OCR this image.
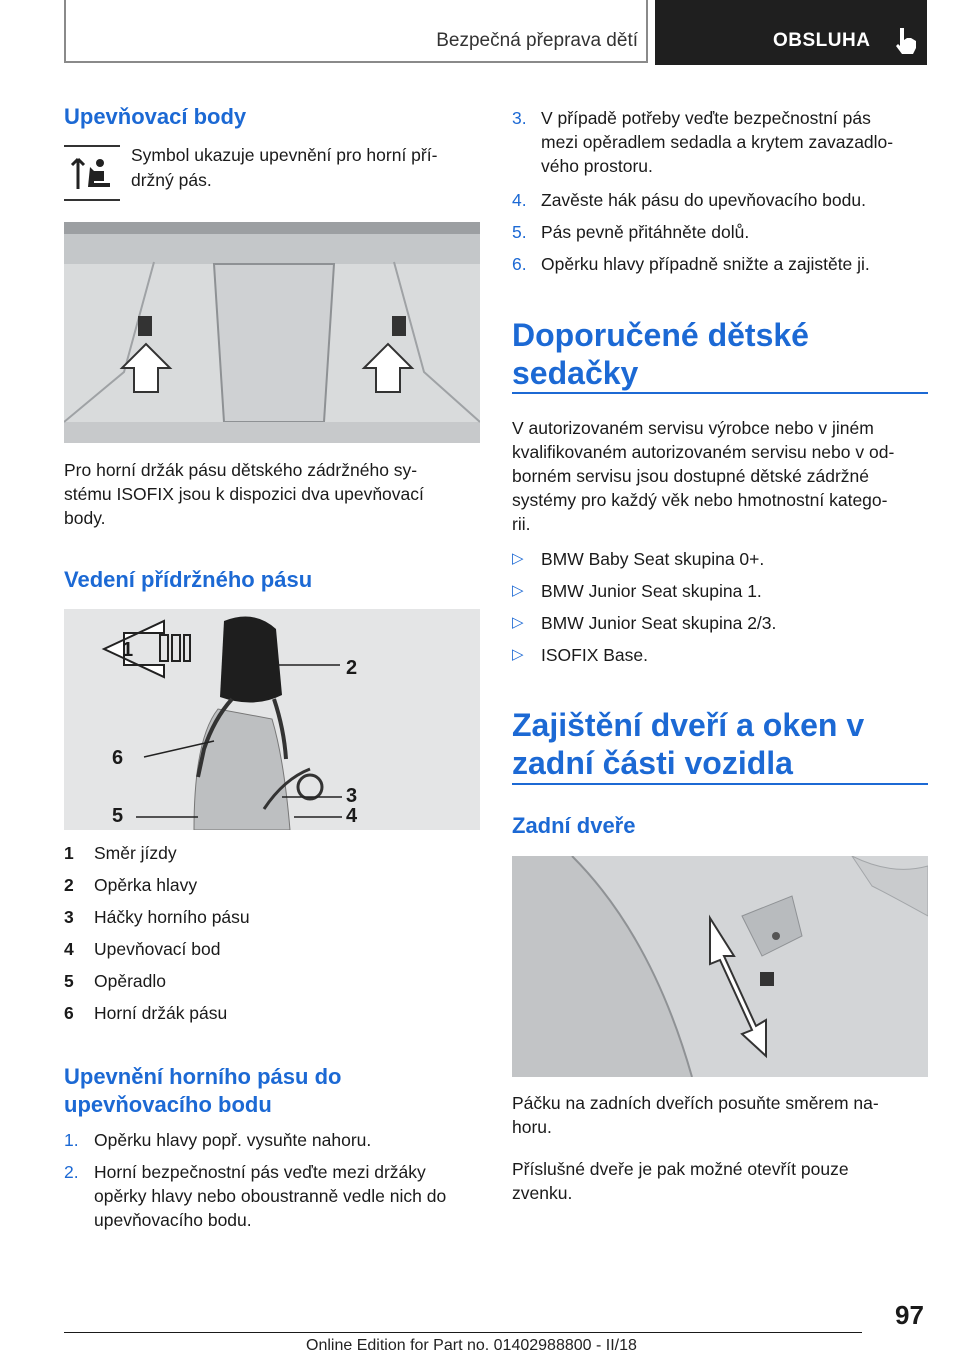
Bezpečná přeprava dětí	OBSLUHA
Upevňovací body
Symbol ukazuje upevnění pro horní pří‐
držný pás.
Pro horní držák pásu dětského zádržného sy‐
stému ISOFIX jsou k dispozici dva upevňovací
body.
Vedení přídržného pásu
1
2
6
3
5	4
1 Směr jízdy
2 Opěrka hlavy
3 Háčky horního pásu
4 Upevňovací bod
5 Opěradlo
6 Horní držák pásu
Upevnění horního pásu do
upevňovacího bodu
1. Opěrku hlavy popř. vysuňte nahoru.
2. Horní bezpečnostní pás veďte mezi držáky
opěrky hlavy nebo oboustranně vedle nich do
upevňovacího bodu.
3. V případě potřeby veďte bezpečnostní pás
mezi opěradlem sedadla a krytem zavazadlo‐
vého prostoru.
4. Zavěste hák pásu do upevňovacího bodu.
5. Pás pevně přitáhněte dolů.
6. Opěrku hlavy případně snižte a zajistěte ji.
Doporučené dětské
sedačky
V autorizovaném servisu výrobce nebo v jiném
kvalifikovaném autorizovaném servisu nebo v od‐
borném servisu jsou dostupné dětské zádržné
systémy pro každý věk nebo hmotnostní katego‐
rii.
▷ BMW Baby Seat skupina 0+.
▷ BMW Junior Seat skupina 1.
▷ BMW Junior Seat skupina 2/3.
▷ ISOFIX Base.
Zajištění dveří a oken v
zadní části vozidla
Zadní dveře
Páčku na zadních dveřích posuňte směrem na‐
horu.
Příslušné dveře je pak možné otevřít pouze
zvenku.
97
Online Edition for Part no. 01402988800 - II/18
